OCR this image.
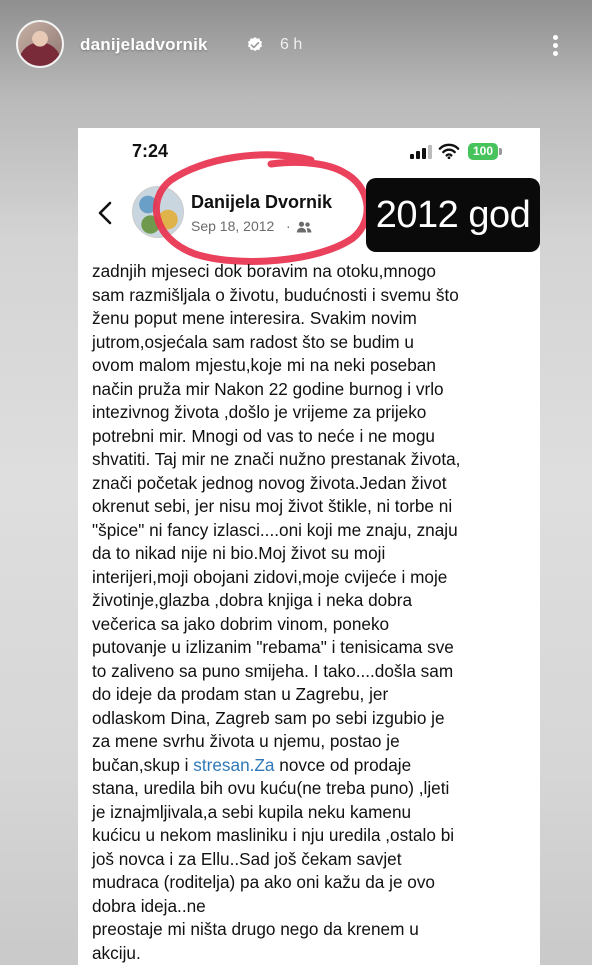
danijeladvornik	6 h
7:24	100
Danijela Dvornik
Sep 18, 2012 · 2012 god
zadnjih mjeseci dok boravim na otoku,mnogo
sam razmišljala o životu, budućnosti i svemu što
ženu poput mene interesira. Svakim novim
jutrom,osjećala sam radost što se budim u
ovom malom mjestu,koje mi na neki poseban
način pruža mir Nakon 22 godine burnog i vrlo
intezivnog života ,došlo je vrijeme za prijeko
potrebni mir. Mnogi od vas to neće i ne mogu
shvatiti. Taj mir ne znači nužno prestanak života,
znači početak jednog novog života.Jedan život
okrenut sebi, jer nisu moj život štikle, ni torbe ni
"špice" ni fancy izlasci....oni koji me znaju, znaju
da to nikad nije ni bio.Moj život su moji
interijeri,moji obojani zidovi,moje cvijeće i moje
životinje,glazba ,dobra knjiga i neka dobra
večerica sa jako dobrim vinom, poneko
putovanje u izlizanim "rebama" i tenisicama sve
to zaliveno sa puno smijeha. I tako....došla sam
do ideje da prodam stan u Zagrebu, jer
odlaskom Dina, Zagreb sam po sebi izgubio je
za mene svrhu života u njemu, postao je
bučan,skup i stresan.Za novce od prodaje
stana, uredila bih ovu kuću(ne treba puno) ,ljeti
je iznajmljivala,a sebi kupila neku kamenu
kućicu u nekom masliniku i nju uredila ,ostalo bi
još novca i za Ellu..Sad još čekam savjet
mudraca (roditelja) pa ako oni kažu da je ovo
dobra ideja..ne
preostaje mi ništa drugo nego da krenem u
akciju.
